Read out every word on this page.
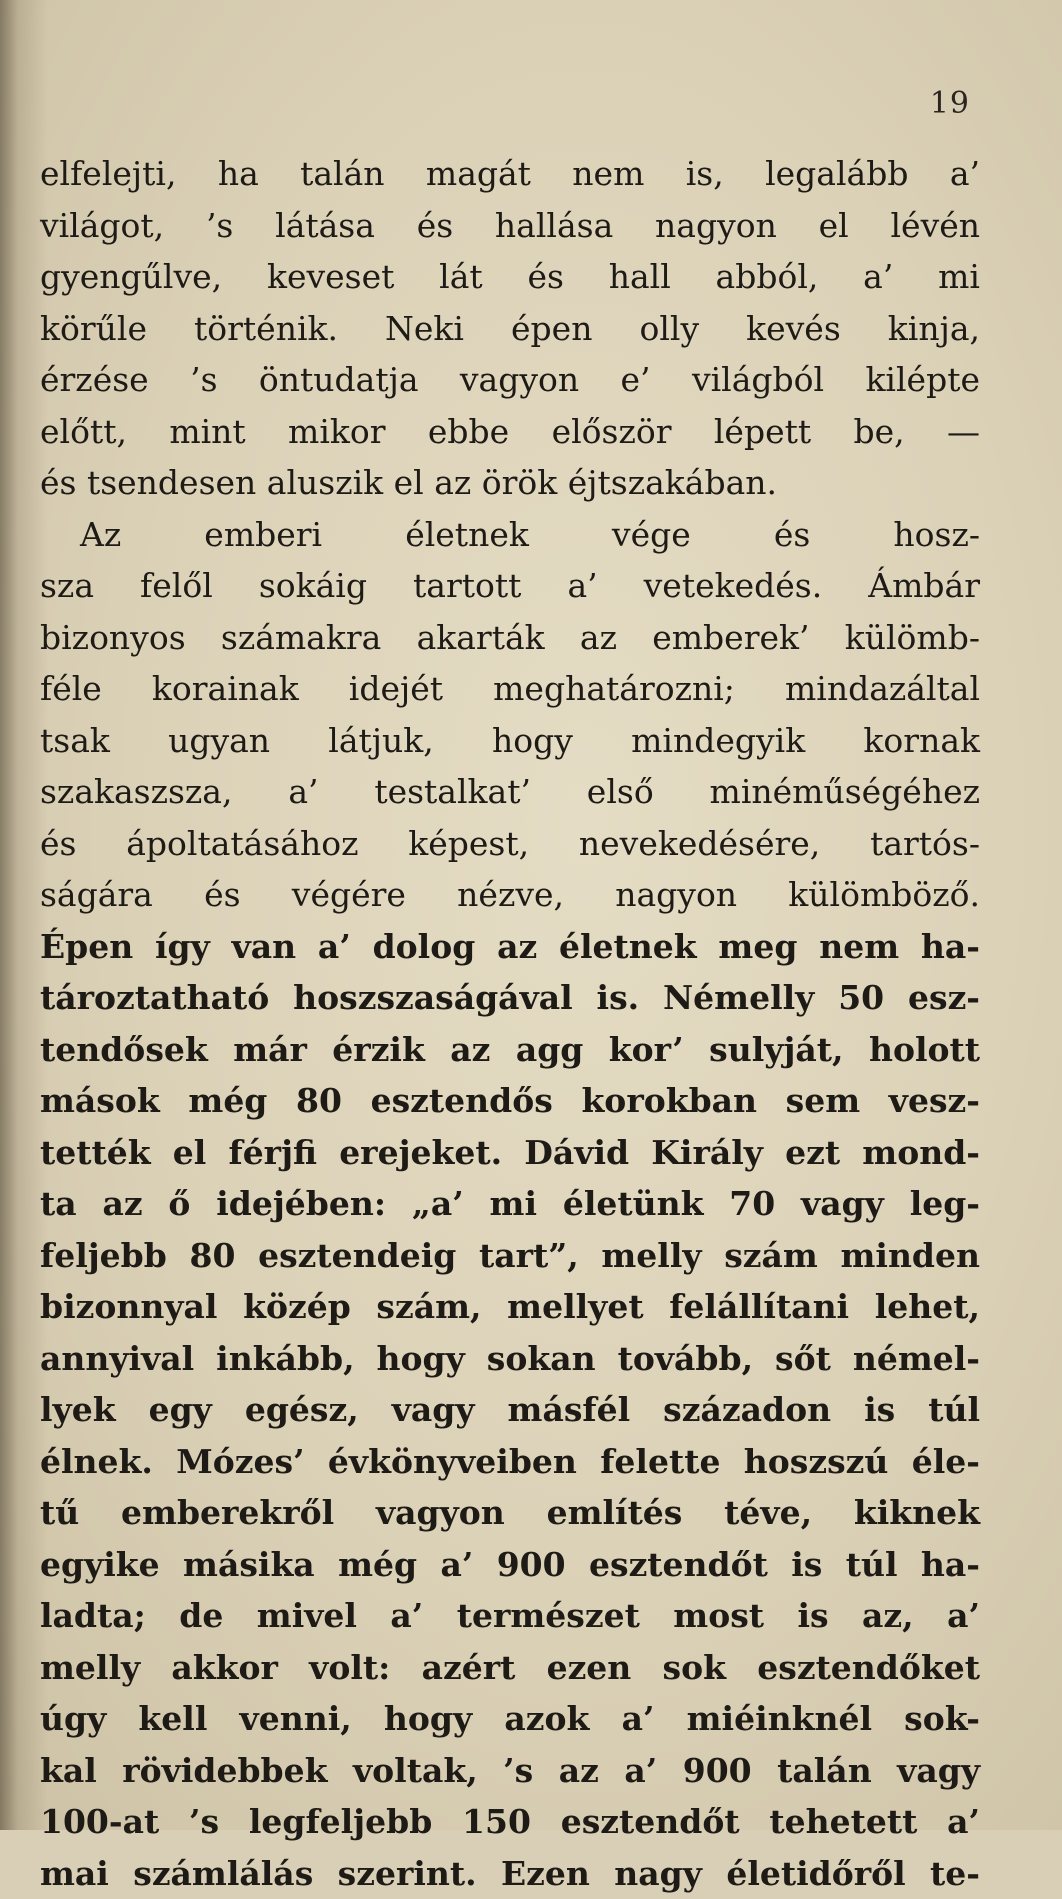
19
elfelejti, ha talán magát nem is, legalább a’
világot, ’s látása és hallása nagyon el lévén
gyengűlve, keveset lát és hall abból, a’ mi
körűle történik. Neki épen olly kevés kinja,
érzése ’s öntudatja vagyon e’ világból kilépte
előtt, mint mikor ebbe először lépett be, —
és tsendesen aluszik el az örök éjtszakában.
Az emberi életnek vége és hosz-
sza felől sokáig tartott a’ vetekedés. Ámbár
bizonyos számakra akarták az emberek’ külömb-
féle korainak idejét meghatározni; mindazáltal
tsak ugyan látjuk, hogy mindegyik kornak
szakaszsza, a’ testalkat’ első minéműségéhez
és ápoltatásához képest, nevekedésére, tartós-
ságára és végére nézve, nagyon külömböző.
Épen így van a’ dolog az életnek meg nem ha-
tároztatható hoszszaságával is. Némelly 50 esz-
tendősek már érzik az agg kor’ sulyját, holott
mások még 80 esztendős korokban sem vesz-
tették el férjfi erejeket. Dávid Király ezt mond-
ta az ő idejében: „a’ mi életünk 70 vagy leg-
feljebb 80 esztendeig tart”, melly szám minden
bizonnyal közép szám, mellyet felállítani lehet,
annyival inkább, hogy sokan tovább, sőt némel-
lyek egy egész, vagy másfél századon is túl
élnek. Mózes’ évkönyveiben felette hoszszú éle-
tű emberekről vagyon említés téve, kiknek
egyike másika még a’ 900 esztendőt is túl ha-
ladta; de mivel a’ természet most is az, a’
melly akkor volt: azért ezen sok esztendőket
úgy kell venni, hogy azok a’ miéinknél sok-
kal rövidebbek voltak, ’s az a’ 900 talán vagy
100-at ’s legfeljebb 150 esztendőt tehetett a’
mai számlálás szerint. Ezen nagy életidőről te-
